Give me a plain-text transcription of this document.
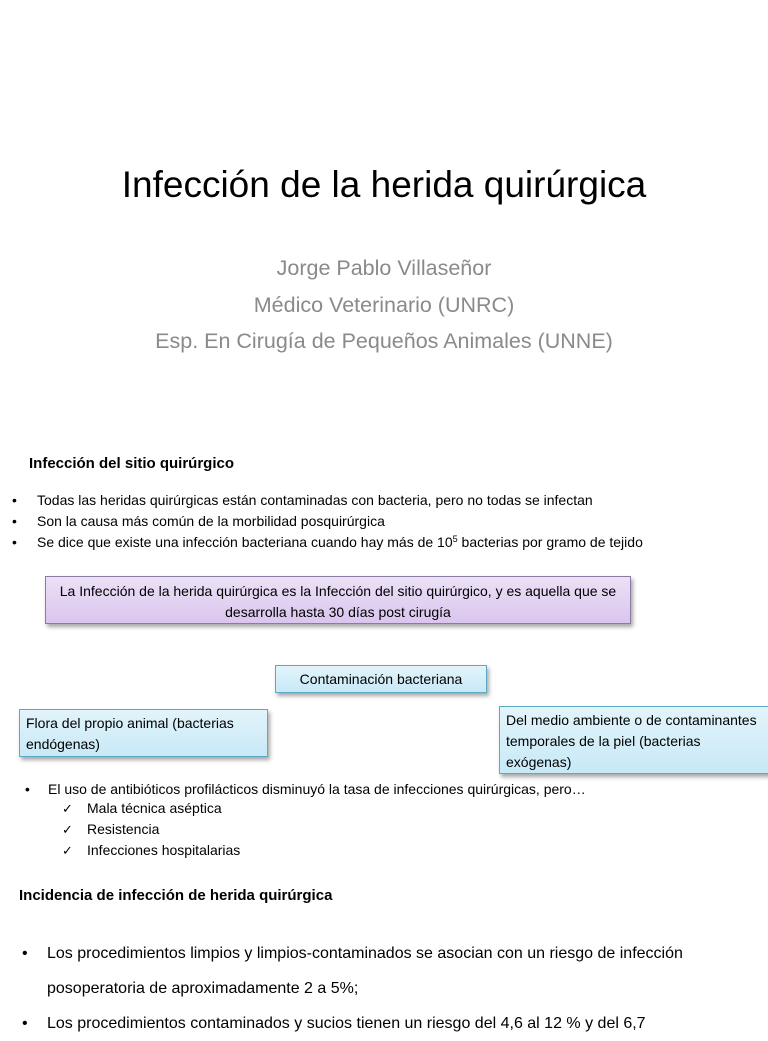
Infección de la herida quirúrgica
Jorge Pablo Villaseñor
Médico Veterinario (UNRC)
Esp. En Cirugía de Pequeños Animales (UNNE)
Infección del sitio quirúrgico
• Todas las heridas quirúrgicas están contaminadas con bacteria, pero no todas se infectan
• Son la causa más común de la morbilidad posquirúrgica
• Se dice que existe una infección bacteriana cuando hay más de $10^5$ bacterias por gramo de tejido
La Infección de la herida quirúrgica es la Infección del sitio quirúrgico, y es aquella que se desarrolla hasta 30 días post cirugía
Contaminación bacteriana
Flora del propio animal (bacterias endógenas)
Del medio ambiente o de contaminantes temporales de la piel (bacterias exógenas)
• El uso de antibióticos profilácticos disminuyó la tasa de infecciones quirúrgicas, pero…
✓ Mala técnica aséptica
✓ Resistencia
✓ Infecciones hospitalarias
Incidencia de infección de herida quirúrgica
• Los procedimientos limpios y limpios-contaminados se asocian con un riesgo de infección posoperatoria de aproximadamente 2 a 5%;
• Los procedimientos contaminados y sucios tienen un riesgo del 4,6 al 12 % y del 6,7
